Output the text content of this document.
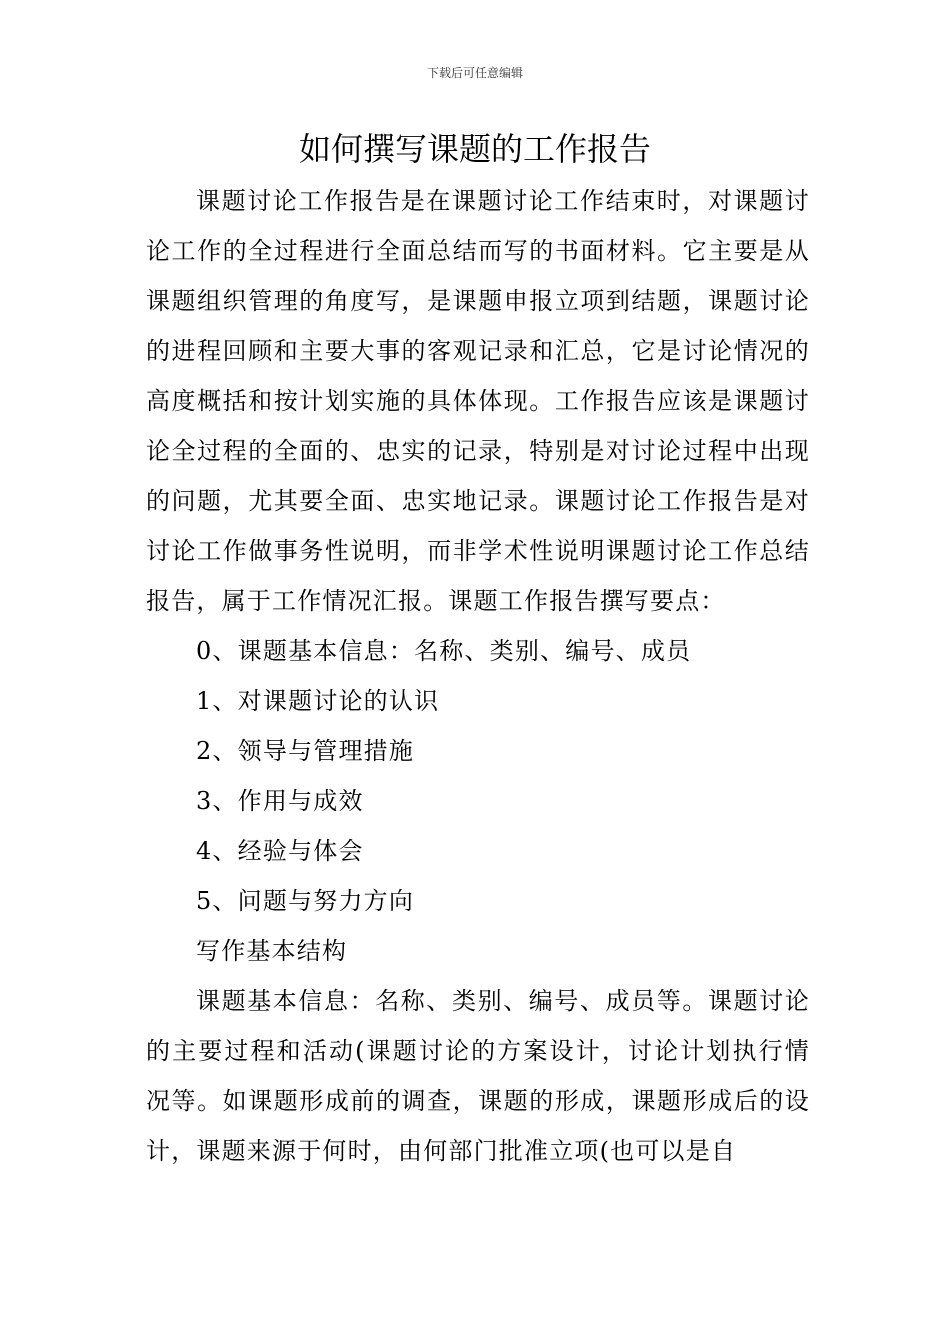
下载后可任意编辑
如何撰写课题的工作报告

课题讨论工作报告是在课题讨论工作结束时，对课题讨论工作的全过程进行全面总结而写的书面材料。它主要是从课题组织管理的角度写，是课题申报立项到结题，课题讨论的进程回顾和主要大事的客观记录和汇总，它是讨论情况的高度概括和按计划实施的具体体现。工作报告应该是课题讨论全过程的全面的、忠实的记录，特别是对讨论过程中出现的问题，尤其要全面、忠实地记录。课题讨论工作报告是对讨论工作做事务性说明，而非学术性说明课题讨论工作总结报告，属于工作情况汇报。课题工作报告撰写要点：

0、课题基本信息：名称、类别、编号、成员

1、对课题讨论的认识

2、领导与管理措施

3、作用与成效

4、经验与体会

5、问题与努力方向

写作基本结构

课题基本信息：名称、类别、编号、成员等。课题讨论的主要过程和活动(课题讨论的方案设计，讨论计划执行情况等。如课题形成前的调查，课题的形成，课题形成后的设计，课题来源于何时，由何部门批准立项(也可以是自
